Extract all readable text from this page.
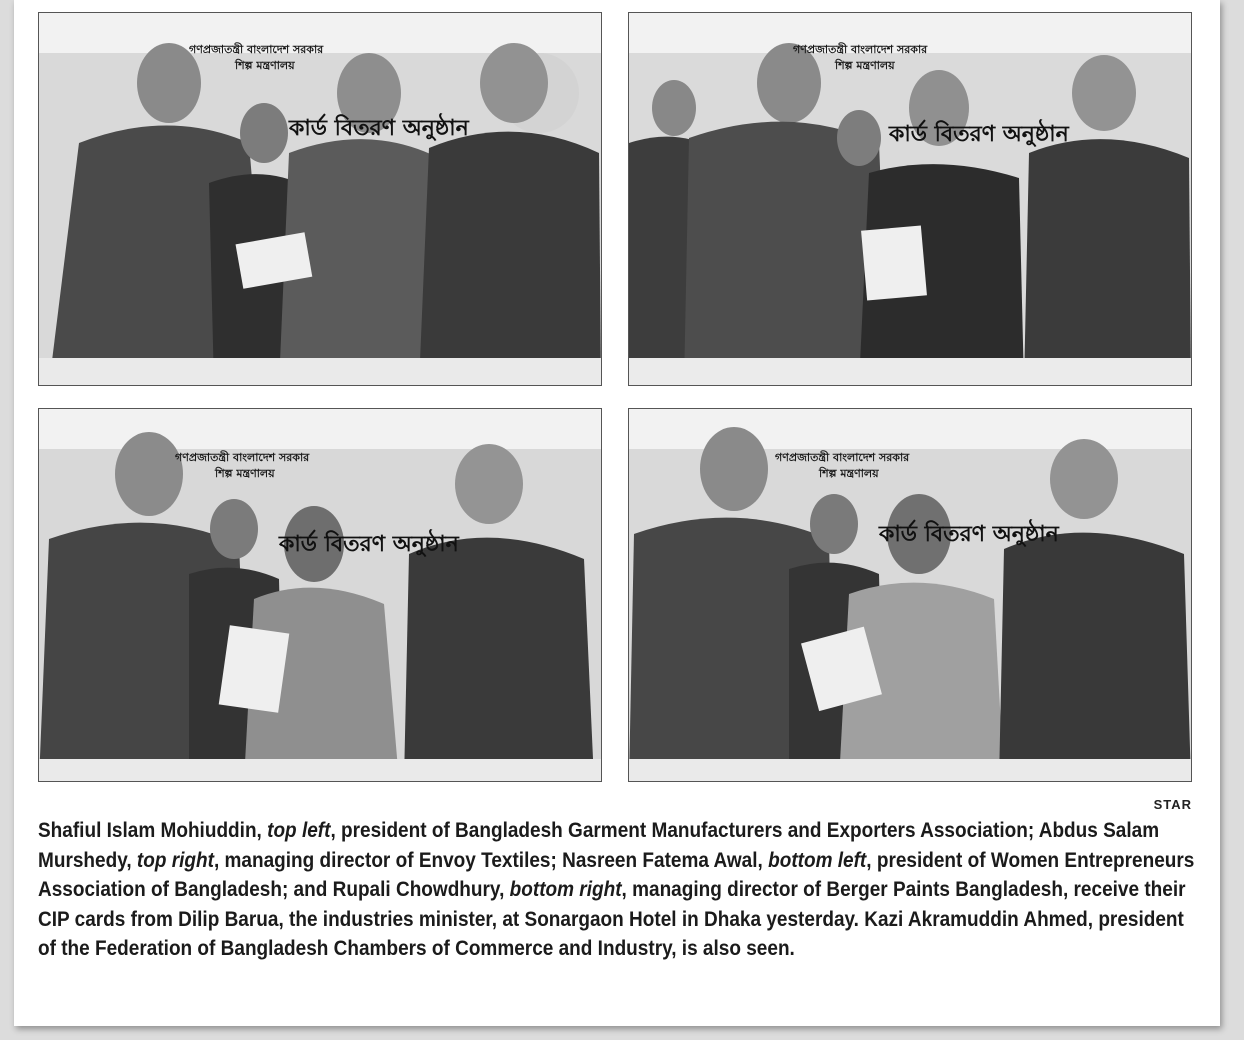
গণপ্রজাতন্ত্রী বাংলাদেশ সরকার
শিল্প মন্ত্রণালয়
কার্ড বিতরণ অনুষ্ঠান
গণপ্রজাতন্ত্রী বাংলাদেশ সরকার
শিল্প মন্ত্রণালয়
কার্ড বিতরণ অনুষ্ঠান
গণপ্রজাতন্ত্রী বাংলাদেশ সরকার
শিল্প মন্ত্রণালয়
কার্ড বিতরণ অনুষ্ঠান
গণপ্রজাতন্ত্রী বাংলাদেশ সরকার
শিল্প মন্ত্রণালয়
কার্ড বিতরণ অনুষ্ঠান
STAR
Shafiul Islam Mohiuddin, top left, president of Bangladesh Garment Manufacturers and Exporters Association; Abdus Salam Murshedy, top right, managing director of Envoy Textiles; Nasreen Fatema Awal, bottom left, president of Women Entrepreneurs Association of Bangladesh; and Rupali Chowdhury, bottom right, managing director of Berger Paints Bangladesh, receive their CIP cards from Dilip Barua, the industries minister, at Sonargaon Hotel in Dhaka yesterday. Kazi Akramuddin Ahmed, president of the Federation of Bangladesh Chambers of Commerce and Industry, is also seen.
